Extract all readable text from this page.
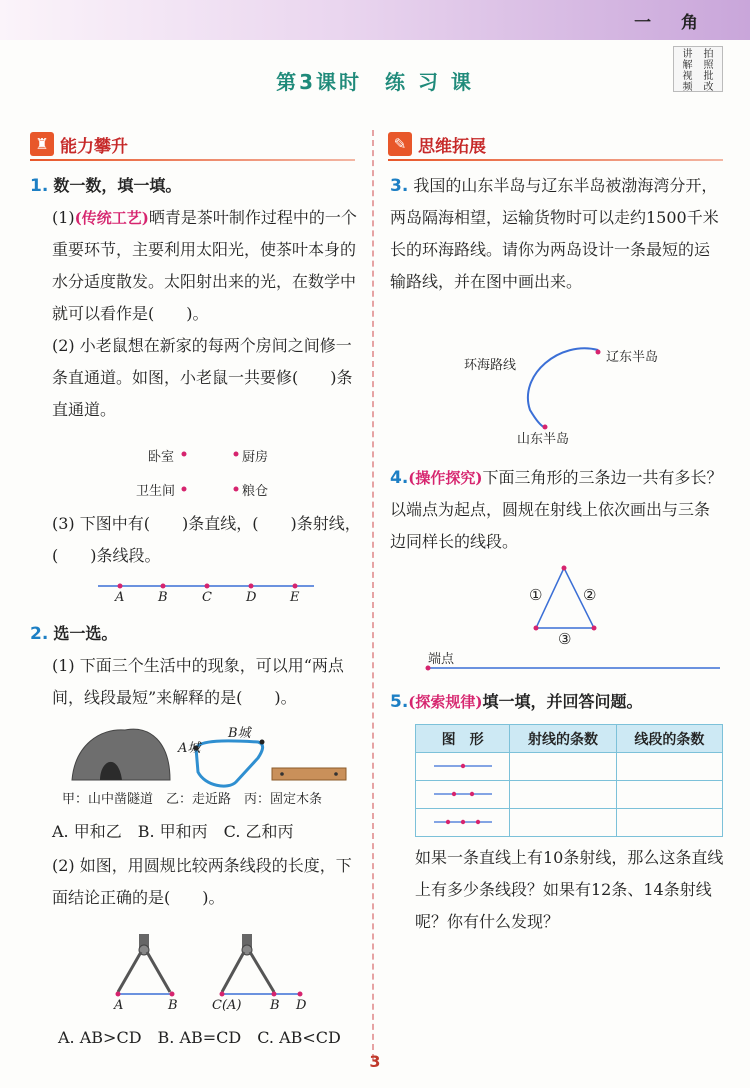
一 角
讲	拍
解	照
视	批
频	改
第3课时　练 习 课
♜ 能力攀升
1. 数一数，填一填。
(1)(传统工艺)晒青是茶叶制作过程中的一个重要环节，主要利用太阳光，使茶叶本身的水分适度散发。太阳射出来的光，在数学中就可以看作是(　　)。
(2) 小老鼠想在新家的每两个房间之间修一条直通道。如图，小老鼠一共要修(　　)条直通道。
卧室	厨房
卫生间	粮仓
(3) 下图中有(　　)条直线，(　　)条射线，(　　)条线段。
A	B	C	D	E
2. 选一选。
(1) 下面三个生活中的现象，可以用“两点间，线段最短”来解释的是(　　)。
A城
B城
甲：山中凿隧道　乙：走近路　丙：固定木条
A. 甲和乙　B. 甲和丙　C. 乙和丙
(2) 如图，用圆规比较两条线段的长度，下面结论正确的是(　　)。
A	B	C(A) B D
A. AB>CD　B. AB=CD　C. AB<CD
✎ 思维拓展
3. 我国的山东半岛与辽东半岛被渤海湾分开，两岛隔海相望，运输货物时可以走约1500千米长的环海路线。请你为两岛设计一条最短的运输路线，并在图中画出来。
环海路线
辽东半岛
山东半岛
4.(操作探究)下面三角形的三条边一共有多长？以端点为起点，圆规在射线上依次画出与三条边同样长的线段。
①	②
③
端点
5.(探索规律)填一填，并回答问题。
图　形	射线的条数	线段的条数

如果一条直线上有10条射线，那么这条直线上有多少条线段？如果有12条、14条射线呢？你有什么发现？
3
